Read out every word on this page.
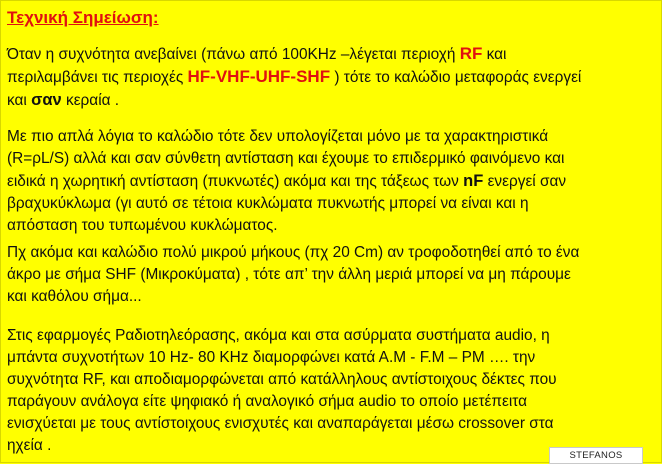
Τεχνική Σημείωση:

Όταν η συχνότητα ανεβαίνει (πάνω από 100KHz –λέγεται περιοχή RF και
περιλαμβάνει τις περιοχές HF-VHF-UHF-SHF ) τότε το καλώδιο μεταφοράς ενεργεί
και σαν κεραία .

Με πιο απλά λόγια το καλώδιο τότε δεν υπολογίζεται μόνο με τα χαρακτηριστικά
(R=ρL/S) αλλά και σαν σύνθετη αντίσταση και έχουμε το επιδερμικό φαινόμενο και
ειδικά η χωρητική αντίσταση (πυκνωτές) ακόμα και της τάξεως των nF ενεργεί σαν
βραχυκύκλωμα (γι αυτό σε τέτοια κυκλώματα πυκνωτής μπορεί να είναι και η
απόσταση του τυπωμένου κυκλώματος.

Πχ ακόμα και καλώδιο πολύ μικρού μήκους (πχ 20 Cm) αν τροφοδοτηθεί από το ένα
άκρο με σήμα SHF (Μικροκύματα) , τότε απ’ την άλλη μεριά μπορεί να μη πάρουμε
και καθόλου σήμα...

Στις εφαρμογές Ραδιοτηλεόρασης, ακόμα και στα ασύρματα συστήματα audio, η
μπάντα συχνοτήτων 10 Hz- 80 KHz διαμορφώνει κατά Α.Μ - F.M – PM …. την
συχνότητα RF, και αποδιαμορφώνεται από κατάλληλους αντίστοιχους δέκτες που
παράγουν ανάλογα είτε ψηφιακό ή αναλογικό σήμα audio το οποίο μετέπειτα
ενισχύεται με τους αντίστοιχους ενισχυτές και αναπαράγεται μέσω crossover στα
ηχεία .

STEFANOS
